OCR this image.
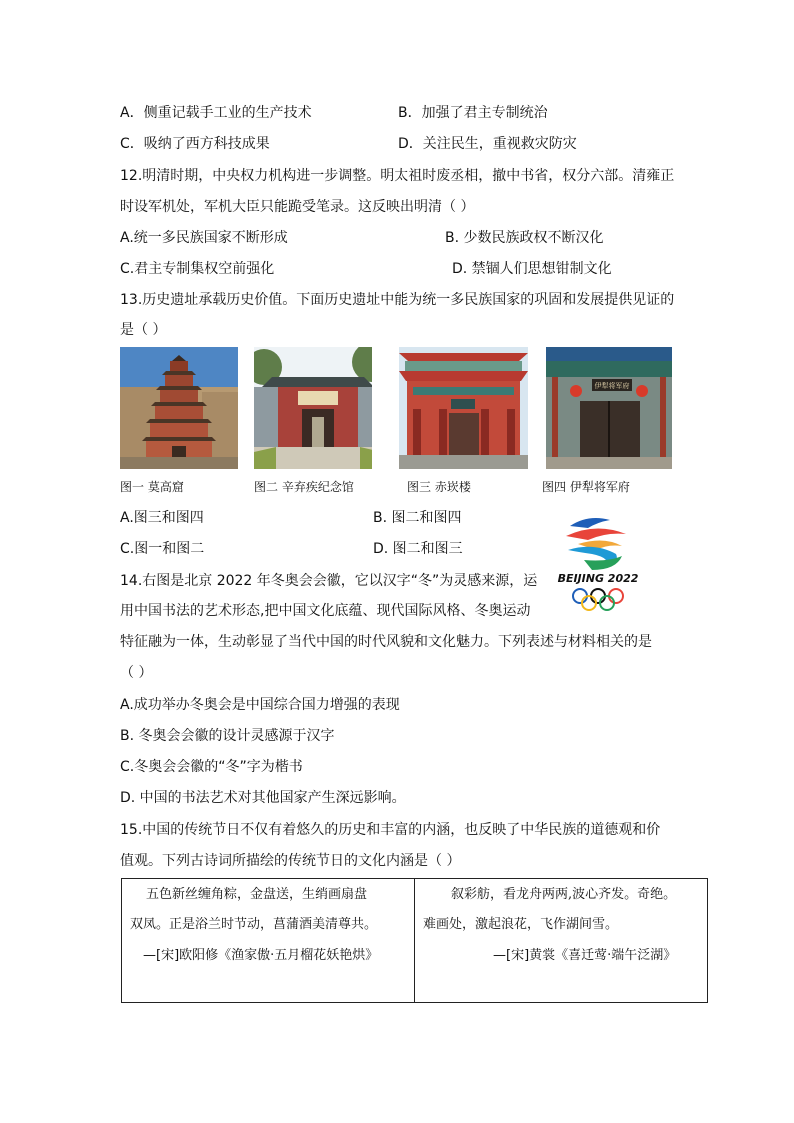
A．侧重记载手工业的生产技术	B．加强了君主专制统治
C．吸纳了西方科技成果	D．关注民生，重视救灾防灾
12.明清时期，中央权力机构进一步调整。明太祖时废丞相，撤中书省，权分六部。清雍正
时设军机处，军机大臣只能跪受笔录。这反映出明清（ ）
A.统一多民族国家不断形成	B. 少数民族政权不断汉化
C.君主专制集权空前强化	D. 禁锢人们思想钳制文化
13.历史遗址承载历史价值。下面历史遗址中能为统一多民族国家的巩固和发展提供见证的
是（ ）
伊犁将军府
图一 莫高窟	图二 辛弃疾纪念馆	图三 赤崁楼	图四 伊犁将军府
A.图三和图四	B. 图二和图四
C.图一和图二	D. 图二和图三
14.右图是北京 2022 年冬奥会会徽，它以汉字“冬”为灵感来源，运
用中国书法的艺术形态,把中国文化底蕴、现代国际风格、冬奥运动
特征融为一体，生动彰显了当代中国的时代风貌和文化魅力。下列表述与材料相关的是
（ ）
BEIJING 2022
A.成功举办冬奥会是中国综合国力增强的表现
B. 冬奥会会徽的设计灵感源于汉字
C.冬奥会会徽的“冬”字为楷书
D. 中国的书法艺术对其他国家产生深远影响。
15.中国的传统节日不仅有着悠久的历史和丰富的内涵，也反映了中华民族的道德观和价
值观。下列古诗词所描绘的传统节日的文化内涵是（ ）
五色新丝缠角粽，金盘送，生绡画扇盘
双凤。正是浴兰时节动，菖蒲酒美清尊共。
—[宋]欧阳修《渔家傲·五月榴花妖艳烘》
叙彩舫，看龙舟两两,波心齐发。奇绝。
难画处，激起浪花，飞作湖间雪。
—[宋]黄裳《喜迁莺·端午泛湖》
